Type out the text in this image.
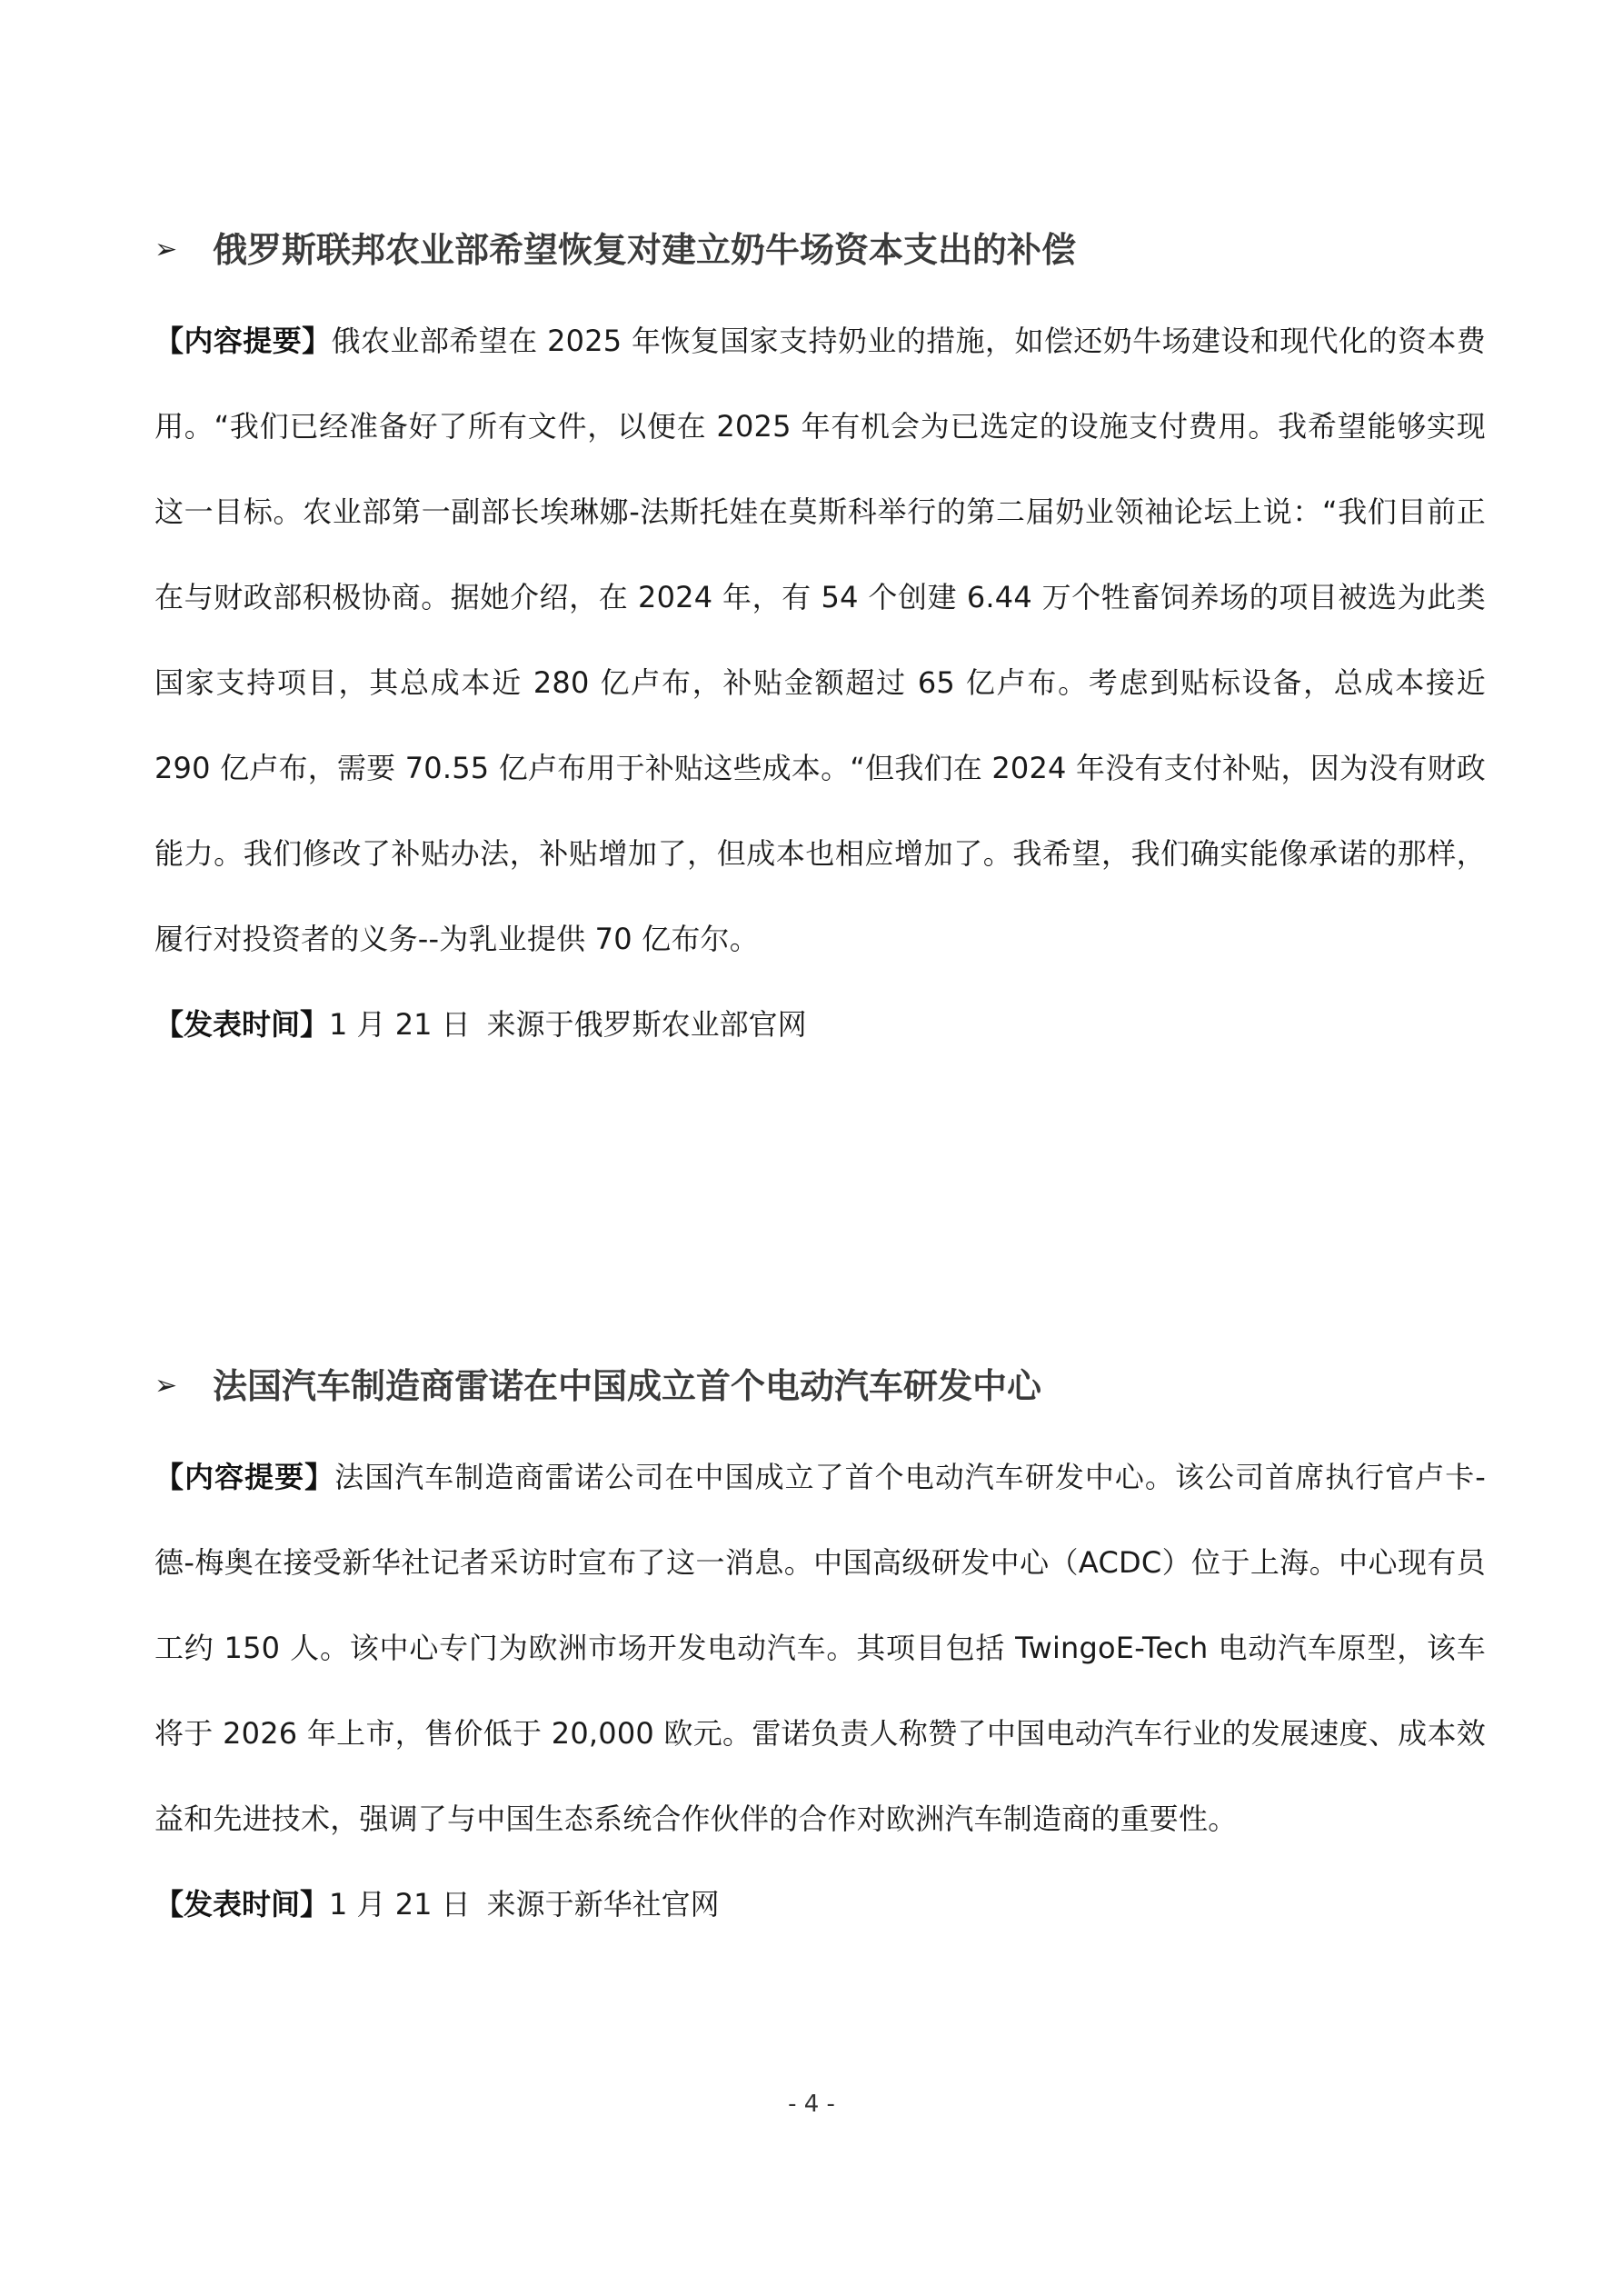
➢	俄罗斯联邦农业部希望恢复对建立奶牛场资本支出的补偿

【内容提要】俄农业部希望在 2025 年恢复国家支持奶业的措施，如偿还奶牛场建设和现代化的资本费用。“我们已经准备好了所有文件，以便在 2025 年有机会为已选定的设施支付费用。我希望能够实现这一目标。农业部第一副部长埃琳娜-法斯托娃在莫斯科举行的第二届奶业领袖论坛上说：“我们目前正在与财政部积极协商。据她介绍，在 2024 年，有 54 个创建 6.44 万个牲畜饲养场的项目被选为此类国家支持项目，其总成本近 280 亿卢布，补贴金额超过 65 亿卢布。考虑到贴标设备，总成本接近 290 亿卢布，需要 70.55 亿卢布用于补贴这些成本。“但我们在 2024 年没有支付补贴，因为没有财政能力。我们修改了补贴办法，补贴增加了，但成本也相应增加了。我希望，我们确实能像承诺的那样，履行对投资者的义务--为乳业提供 70 亿布尔。

【发表时间】1 月 21 日 来源于俄罗斯农业部官网

➢	法国汽车制造商雷诺在中国成立首个电动汽车研发中心

【内容提要】法国汽车制造商雷诺公司在中国成立了首个电动汽车研发中心。该公司首席执行官卢卡-德-梅奥在接受新华社记者采访时宣布了这一消息。中国高级研发中心（ACDC）位于上海。中心现有员工约 150 人。该中心专门为欧洲市场开发电动汽车。其项目包括 TwingoE-Tech 电动汽车原型，该车将于 2026 年上市，售价低于 20,000 欧元。雷诺负责人称赞了中国电动汽车行业的发展速度、成本效益和先进技术，强调了与中国生态系统合作伙伴的合作对欧洲汽车制造商的重要性。

【发表时间】1 月 21 日 来源于新华社官网

- 4 -
